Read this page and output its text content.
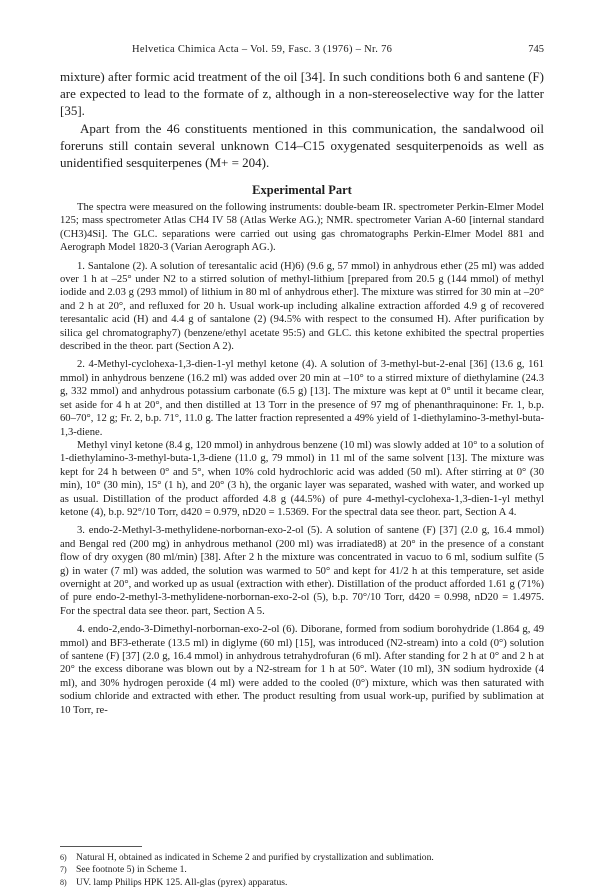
Helvetica Chimica Acta – Vol. 59, Fasc. 3 (1976) – Nr. 76	745

mixture) after formic acid treatment of the oil [34]. In such conditions both 6 and santene (F) are expected to lead to the formate of z, although in a non-stereoselective way for the latter [35].

Apart from the 46 constituents mentioned in this communication, the sandalwood oil foreruns still contain several unknown C14–C15 oxygenated sesquiterpenoids as well as unidentified sesquiterpenes (M+ = 204).

Experimental Part

The spectra were measured on the following instruments: double-beam IR. spectrometer Perkin-Elmer Model 125; mass spectrometer Atlas CH4 IV 58 (Atlas Werke AG.); NMR. spectrometer Varian A-60 [internal standard (CH3)4Si]. The GLC. separations were carried out using gas chromatographs Perkin-Elmer Model 881 and Aerograph Model 1820-3 (Varian Aerograph AG.).

1. Santalone (2). A solution of teresantalic acid (H)6) (9.6 g, 57 mmol) in anhydrous ether (25 ml) was added over 1 h at –25° under N2 to a stirred solution of methyl-lithium [prepared from 20.5 g (144 mmol) of methyl iodide and 2.03 g (293 mmol) of lithium in 80 ml of anhydrous ether]. The mixture was stirred for 30 min at –20° and 2 h at 20°, and refluxed for 20 h. Usual work-up including alkaline extraction afforded 4.9 g of recovered teresantalic acid (H) and 4.4 g of santalone (2) (94.5% with respect to the consumed H). After purification by silica gel chromatography7) (benzene/ethyl acetate 95:5) and GLC. this ketone exhibited the spectral properties described in the theor. part (Section A 2).

2. 4-Methyl-cyclohexa-1,3-dien-1-yl methyl ketone (4). A solution of 3-methyl-but-2-enal [36] (13.6 g, 161 mmol) in anhydrous benzene (16.2 ml) was added over 20 min at –10° to a stirred mixture of diethylamine (24.3 g, 332 mmol) and anhydrous potassium carbonate (6.5 g) [13]. The mixture was kept at 0° until it became clear, set aside for 4 h at 20°, and then distilled at 13 Torr in the presence of 97 mg of phenanthraquinone: Fr. 1, b.p. 60–70°, 12 g; Fr. 2, b.p. 71°, 11.0 g. The latter fraction represented a 49% yield of 1-diethylamino-3-methyl-buta-1,3-diene.

Methyl vinyl ketone (8.4 g, 120 mmol) in anhydrous benzene (10 ml) was slowly added at 10° to a solution of 1-diethylamino-3-methyl-buta-1,3-diene (11.0 g, 79 mmol) in 11 ml of the same solvent [13]. The mixture was kept for 24 h between 0° and 5°, when 10% cold hydrochloric acid was added (50 ml). After stirring at 0° (30 min), 10° (30 min), 15° (1 h), and 20° (3 h), the organic layer was separated, washed with water, and worked up as usual. Distillation of the product afforded 4.8 g (44.5%) of pure 4-methyl-cyclohexa-1,3-dien-1-yl methyl ketone (4), b.p. 92°/10 Torr, d420 = 0.979, nD20 = 1.5369. For the spectral data see theor. part, Section A 4.

3. endo-2-Methyl-3-methylidene-norbornan-exo-2-ol (5). A solution of santene (F) [37] (2.0 g, 16.4 mmol) and Bengal red (200 mg) in anhydrous methanol (200 ml) was irradiated8) at 20° in the presence of a constant flow of dry oxygen (80 ml/min) [38]. After 2 h the mixture was concentrated in vacuo to 6 ml, sodium sulfite (5 g) in water (7 ml) was added, the solution was warmed to 50° and kept for 41/2 h at this temperature, set aside overnight at 20°, and worked up as usual (extraction with ether). Distillation of the product afforded 1.61 g (71%) of pure endo-2-methyl-3-methylidene-norbornan-exo-2-ol (5), b.p. 70°/10 Torr, d420 = 0.998, nD20 = 1.4975. For the spectral data see theor. part, Section A 5.

4. endo-2,endo-3-Dimethyl-norbornan-exo-2-ol (6). Diborane, formed from sodium borohydride (1.864 g, 49 mmol) and BF3-etherate (13.5 ml) in diglyme (60 ml) [15], was introduced (N2-stream) into a cold (0°) solution of santene (F) [37] (2.0 g, 16.4 mmol) in anhydrous tetrahydrofuran (6 ml). After standing for 2 h at 0° and 2 h at 20° the excess diborane was blown out by a N2-stream for 1 h at 50°. Water (10 ml), 3N sodium hydroxide (4 ml), and 30% hydrogen peroxide (4 ml) were added to the cooled (0°) mixture, which was then saturated with sodium chloride and extracted with ether. The product resulting from usual work-up, purified by sublimation at 10 Torr, re-

6) Natural H, obtained as indicated in Scheme 2 and purified by crystallization and sublimation.
7) See footnote 5) in Scheme 1.
8) UV. lamp Philips HPK 125. All-glas (pyrex) apparatus.
